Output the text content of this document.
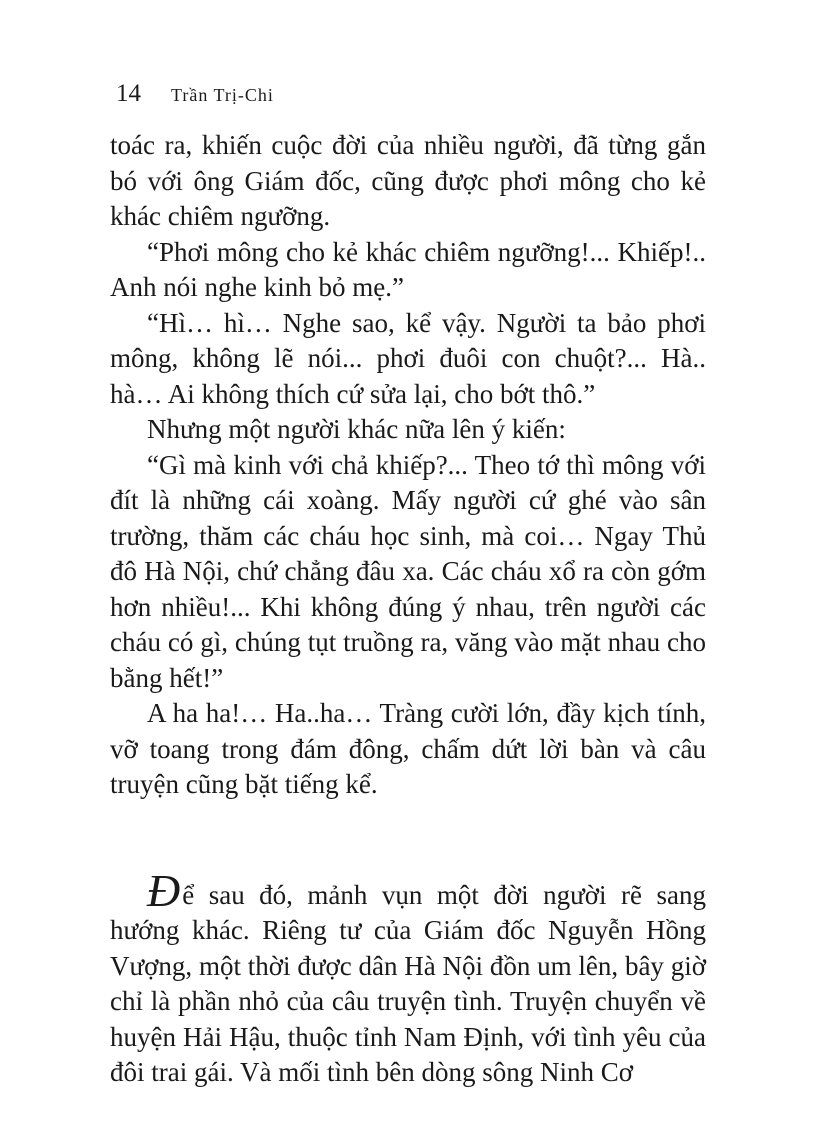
14 Trần Trị-Chi

toác ra, khiến cuộc đời của nhiều người, đã từng gắn bó với ông Giám đốc, cũng được phơi mông cho kẻ khác chiêm ngưỡng.

“Phơi mông cho kẻ khác chiêm ngưỡng!... Khiếp!.. Anh nói nghe kinh bỏ mẹ.”

“Hì… hì… Nghe sao, kể vậy. Người ta bảo phơi mông, không lẽ nói... phơi đuôi con chuột?... Hà.. hà… Ai không thích cứ sửa lại, cho bớt thô.”

Nhưng một người khác nữa lên ý kiến:

“Gì mà kinh với chả khiếp?... Theo tớ thì mông với đít là những cái xoàng. Mấy người cứ ghé vào sân trường, thăm các cháu học sinh, mà coi… Ngay Thủ đô Hà Nội, chứ chẳng đâu xa. Các cháu xổ ra còn gớm hơn nhiều!... Khi không đúng ý nhau, trên người các cháu có gì, chúng tụt truồng ra, văng vào mặt nhau cho bằng hết!”

A ha ha!… Ha..ha… Tràng cười lớn, đầy kịch tính, vỡ toang trong đám đông, chấm dứt lời bàn và câu truyện cũng bặt tiếng kể.

Để sau đó, mảnh vụn một đời người rẽ sang hướng khác. Riêng tư của Giám đốc Nguyễn Hồng Vượng, một thời được dân Hà Nội đồn um lên, bây giờ chỉ là phần nhỏ của câu truyện tình. Truyện chuyển về huyện Hải Hậu, thuộc tỉnh Nam Định, với tình yêu của đôi trai gái. Và mối tình bên dòng sông Ninh Cơ
